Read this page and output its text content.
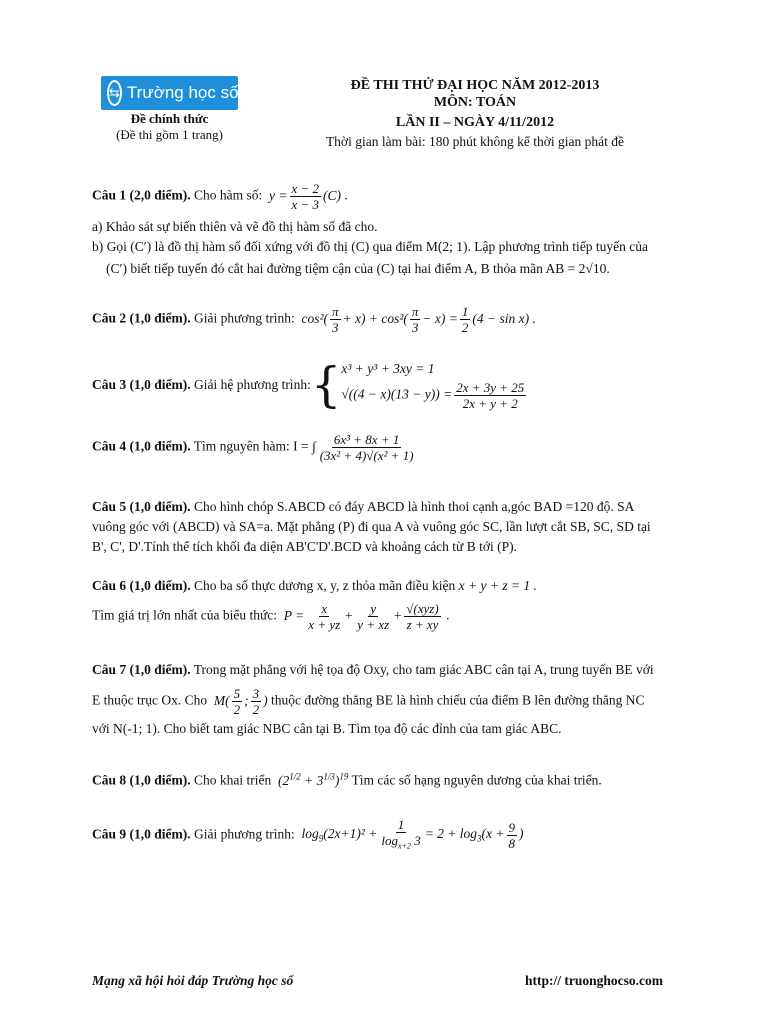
⇆ Trường học số
Đề chính thức
(Đề thi gồm 1 trang)
ĐỀ THI THỬ ĐẠI HỌC NĂM 2012-2013
MÔN: TOÁN
LẦN II – NGÀY 4/11/2012
Thời gian làm bài: 180 phút không kể thời gian phát đề
Câu 1 (2,0 điểm). Cho hàm số:  $y = \frac{x - 2}{x - 3} (C)$ .
a) Khảo sát sự biến thiên và vẽ đồ thị hàm số đã cho.
b) Gọi (C′) là đồ thị hàm số đối xứng với đồ thị (C) qua điểm M(2; 1). Lập phương trình tiếp tuyến của
(C′) biết tiếp tuyến đó cắt hai đường tiệm cận của (C) tại hai điểm A, B thỏa mãn AB = 2√10.
Câu 2 (1,0 điểm). Giải phương trình:  $\cos^2( \frac{\pi}{3} + x) + \cos^2( \frac{\pi}{3} - x) = \frac{1}{2} (4 - \sin x)$ .
Câu 3 (1,0 điểm).
Giải hệ phương trình: { x³ + y³ + 3xy = 1
$√((4 - x)(13 - y)) = \frac{2x + 3y + 25}{2x + y + 2}$
Câu 4 (1,0 điểm). Tìm nguyên hàm: I = ∫ $\frac{\text{6x³ + 8x + 1}}{\text{(3x² + 4)√(x² + 1)}}$
Câu 5 (1,0 điểm). Cho hình chóp S.ABCD có đáy ABCD là hình thoi cạnh a,góc BAD =120 độ. SA
vuông góc với (ABCD) và SA=a. Mặt phẳng (P) đi qua A và vuông góc SC, lần lượt cắt SB, SC, SD tại
B', C', D'.Tính thể tích khối đa diện AB'C'D'.BCD và khoảng cách từ B tới (P).
Câu 6 (1,0 điểm). Cho ba số thực dương x, y, z thỏa mãn điều kiện x + y + z = 1 .
Tìm giá trị lớn nhất của biểu thức:  $P = \frac{x}{x + yz} + \frac{y}{y + xz} + \frac{\text{√(xyz)}}{z + xy}$ .
Câu 7 (1,0 điểm). Trong mặt phẳng với hệ tọa độ Oxy, cho tam giác ABC cân tại A, trung tuyến BE với
E thuộc trục Ox. Cho  $M( \frac{5}{2}$ ; $\frac{3}{2}$ ) thuộc đường thẳng BE là hình chiếu của điểm B lên đường thẳng NC
với N(-1; 1). Cho biết tam giác NBC cân tại B. Tìm tọa độ các đỉnh của tam giác ABC.
Câu 8 (1,0 điểm). Cho khai triển  $(2^{1/2} + 3^{1/3})^{19}$ Tìm các số hạng nguyên dương của khai triển.
Câu 9 (1,0 điểm). Giải phương trình:  $\log_9(2x+1)^2 + \frac{1}{\log_{x+2} 3} = 2 + \log_3(x + \frac{9}{8}$ )
Mạng xã hội hỏi đáp Trường học số	http:// truonghocso.com
